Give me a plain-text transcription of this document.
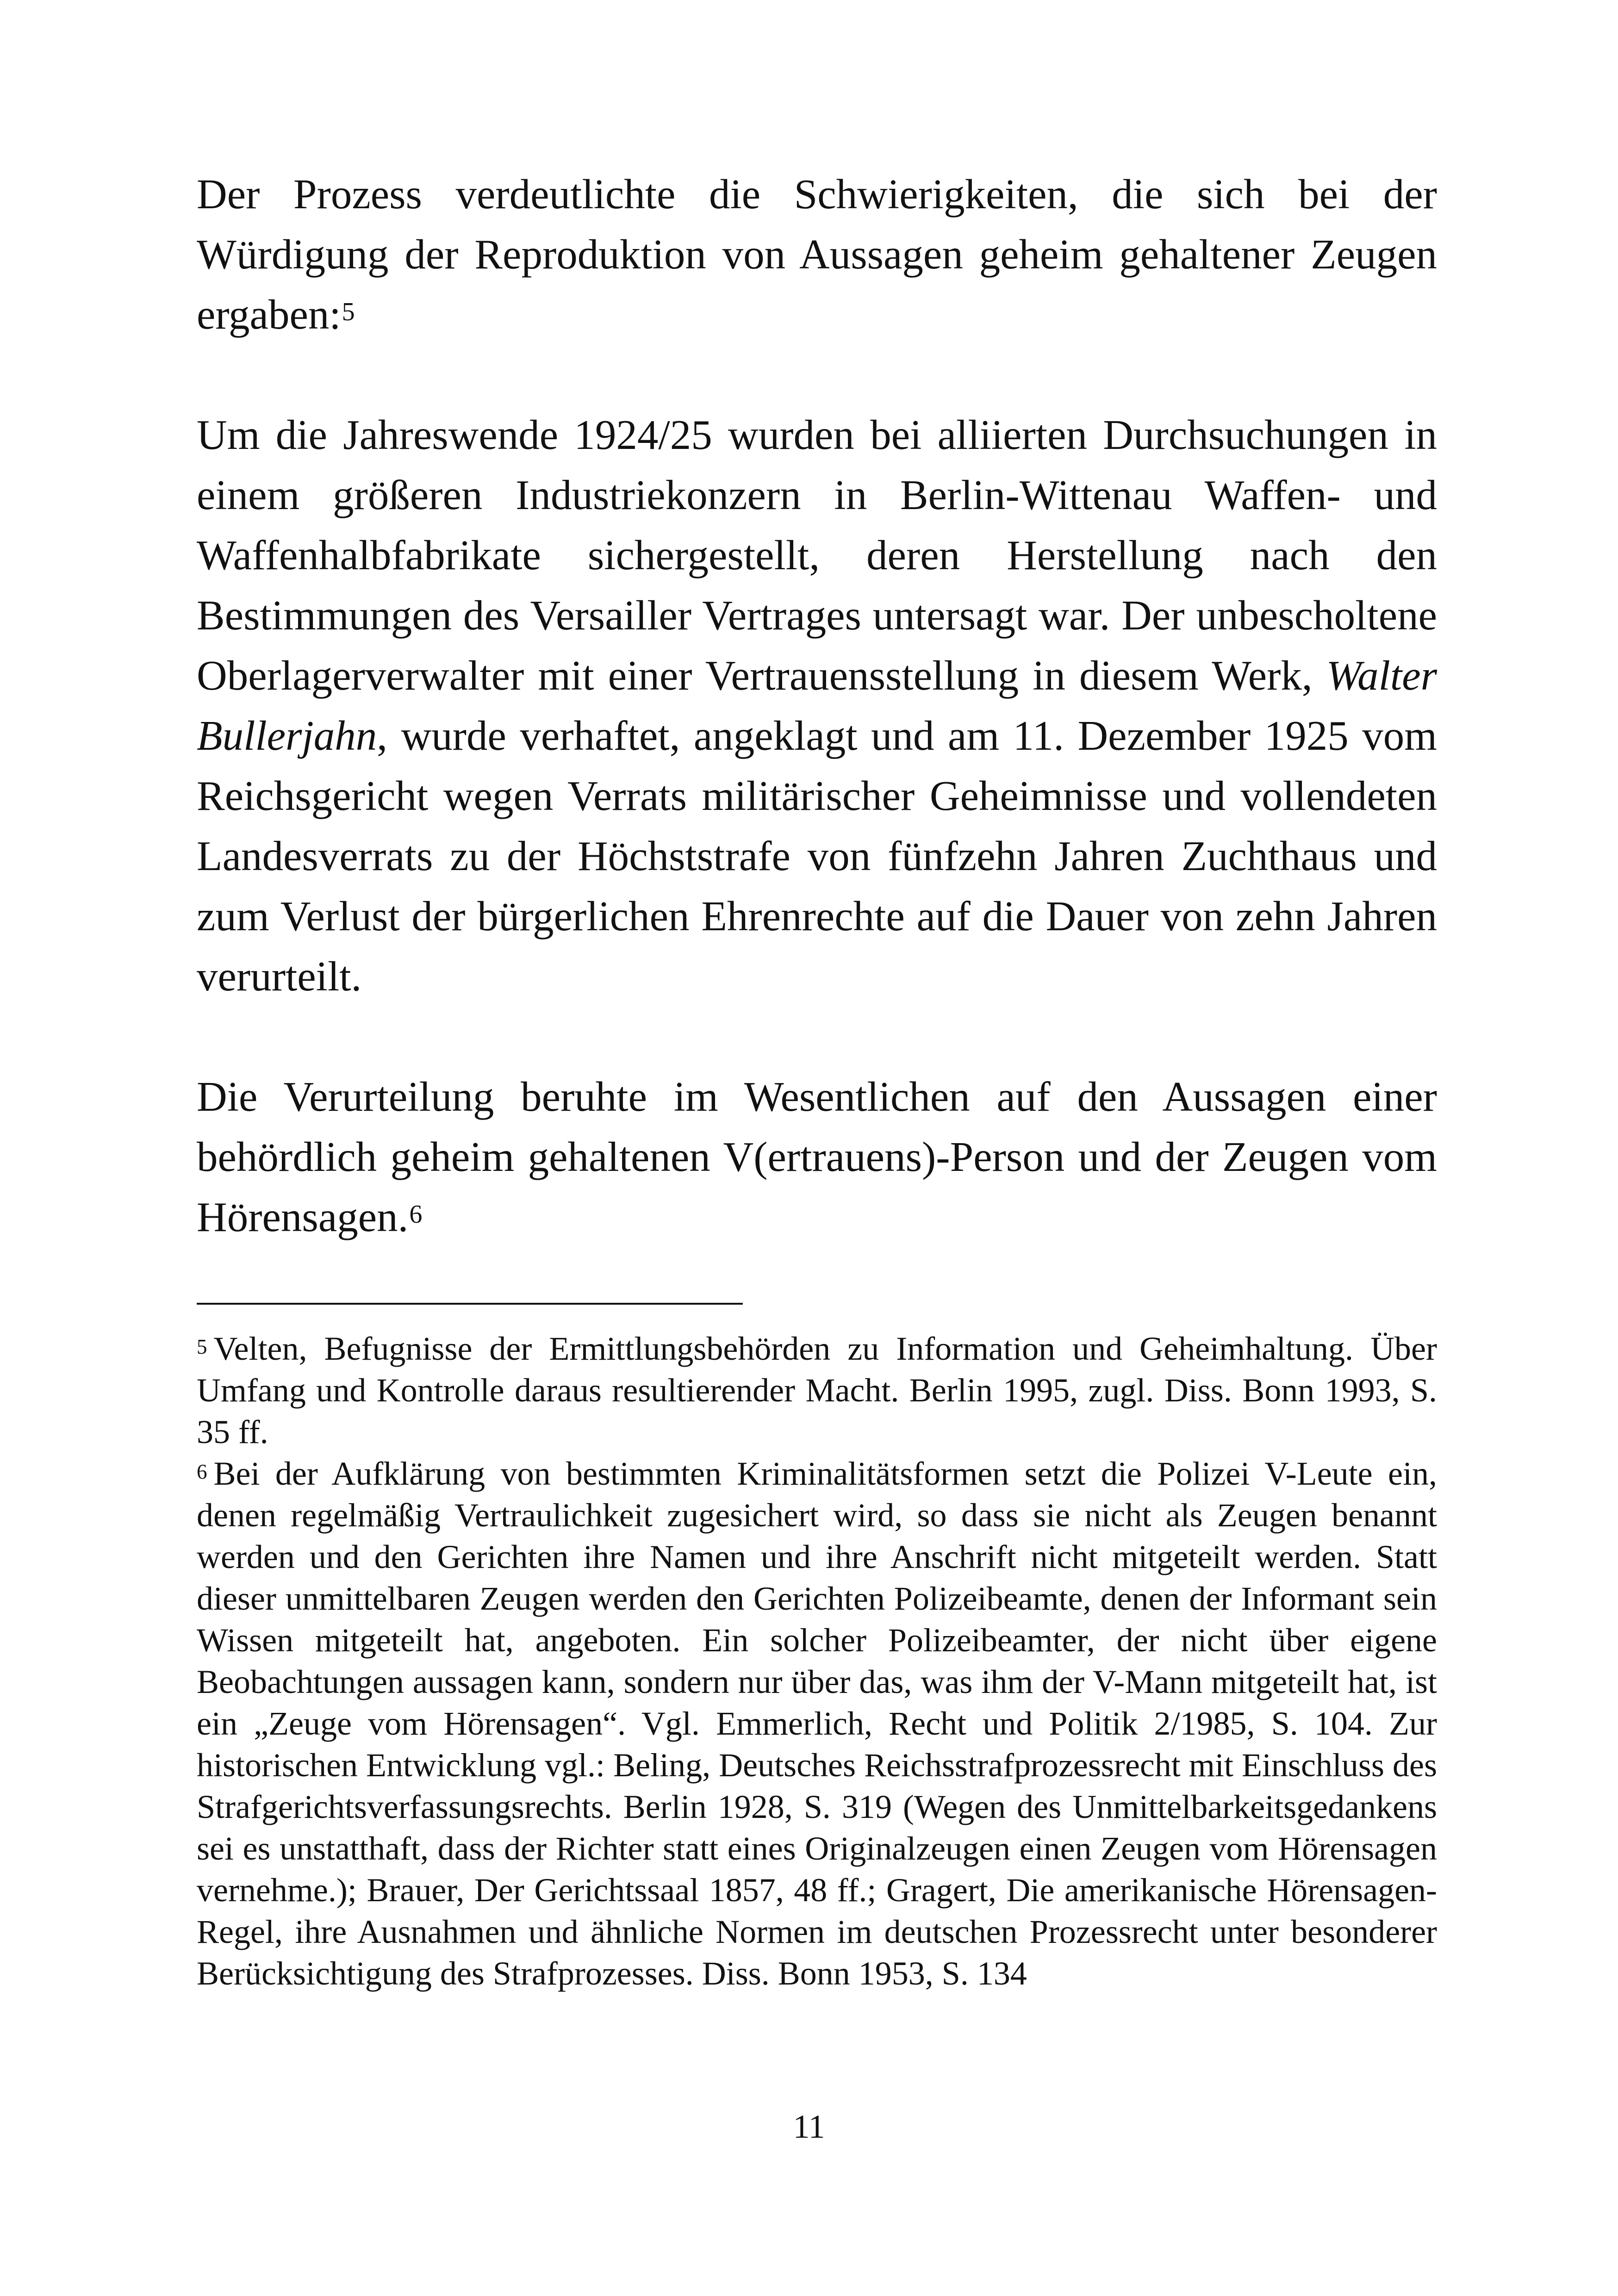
Der Prozess verdeutlichte die Schwierigkeiten, die sich bei der Würdigung der Reproduktion von Aussagen geheim gehaltener Zeugen ergaben:$^5$

Um die Jahreswende 1924/25 wurden bei alliierten Durchsuchungen in einem größeren Industriekonzern in Berlin-Wittenau Waffen- und Waffenhalbfabrikate sichergestellt, deren Herstellung nach den Bestimmungen des Versailler Vertrages untersagt war. Der unbescholtene Oberlagerverwalter mit einer Vertrauensstellung in diesem Werk, Walter Bullerjahn, wurde verhaftet, angeklagt und am 11. Dezember 1925 vom Reichsgericht wegen Verrats militärischer Geheimnisse und vollendeten Landesverrats zu der Höchststrafe von fünfzehn Jahren Zuchthaus und zum Verlust der bürgerlichen Ehrenrechte auf die Dauer von zehn Jahren verurteilt.

Die Verurteilung beruhte im Wesentlichen auf den Aussagen einer behördlich geheim gehaltenen V(ertrauens)-Person und der Zeugen vom Hörensagen.$^6$

$^5$ Velten, Befugnisse der Ermittlungsbehörden zu Information und Geheimhaltung. Über Umfang und Kontrolle daraus resultierender Macht. Berlin 1995, zugl. Diss. Bonn 1993, S. 35 ff.

$^6$ Bei der Aufklärung von bestimmten Kriminalitätsformen setzt die Polizei V-Leute ein, denen regelmäßig Vertraulichkeit zugesichert wird, so dass sie nicht als Zeugen benannt werden und den Gerichten ihre Namen und ihre Anschrift nicht mitgeteilt werden. Statt dieser unmittelbaren Zeugen werden den Gerichten Polizeibeamte, denen der Informant sein Wissen mitgeteilt hat, angeboten. Ein solcher Polizeibeamter, der nicht über eigene Beobachtungen aussagen kann, sondern nur über das, was ihm der V-Mann mitgeteilt hat, ist ein „Zeuge vom Hörensagen“. Vgl. Emmerlich, Recht und Politik 2/1985, S. 104. Zur historischen Entwicklung vgl.: Beling, Deutsches Reichsstrafprozessrecht mit Einschluss des Strafgerichtsverfassungsrechts. Berlin 1928, S. 319 (Wegen des Unmittelbarkeitsgedankens sei es unstatthaft, dass der Richter statt eines Originalzeugen einen Zeugen vom Hörensagen vernehme.); Brauer, Der Gerichtssaal 1857, 48 ff.; Gragert, Die amerikanische Hörensagen-Regel, ihre Ausnahmen und ähnliche Normen im deutschen Prozessrecht unter besonderer Berücksichtigung des Strafprozesses. Diss. Bonn 1953, S. 134

11
